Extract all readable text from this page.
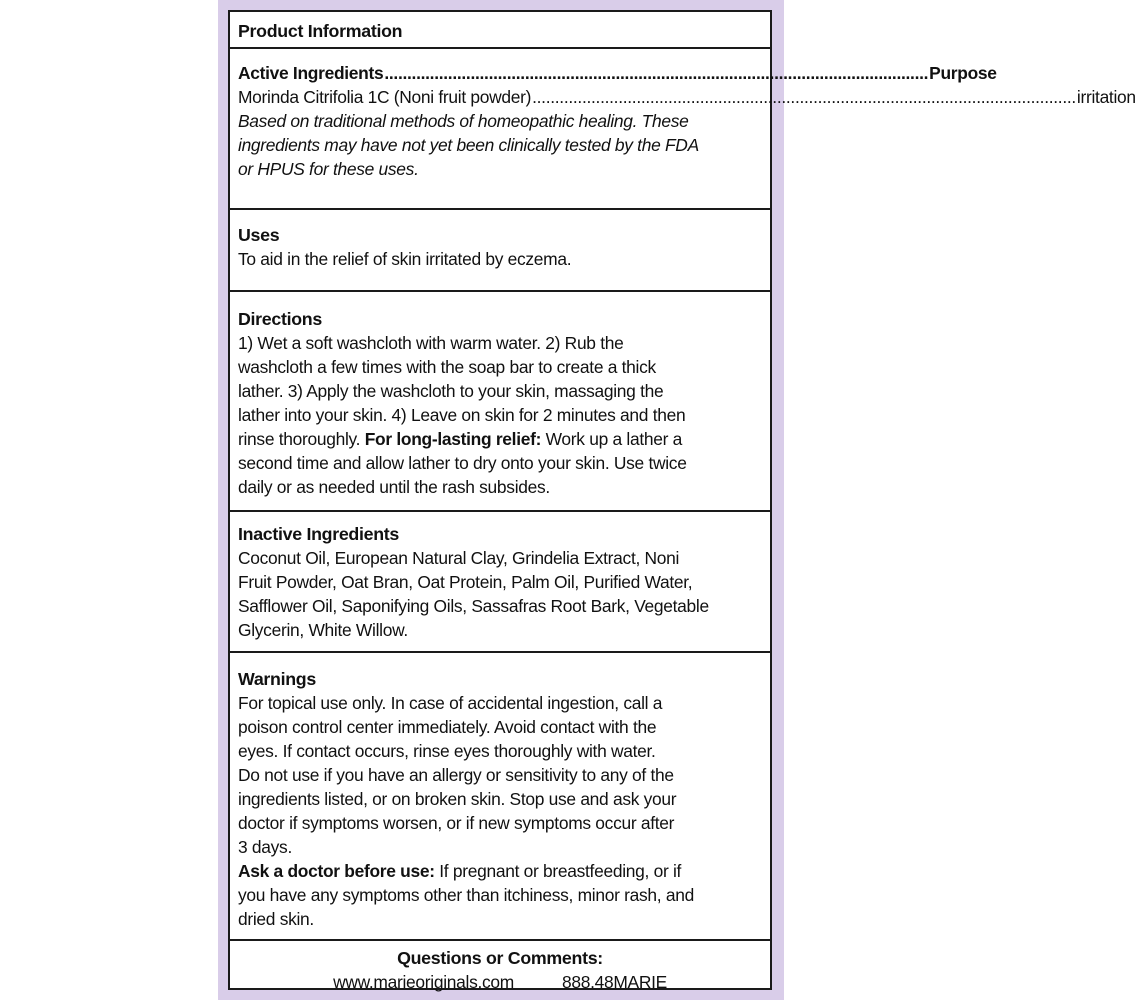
Product Information
Active Ingredients ........................................................................................................................ Purpose
Morinda Citrifolia 1C (Noni fruit powder) ........................................................................................................................ irritation
Based on traditional methods of homeopathic healing. These
ingredients may have not yet been clinically tested by the FDA
or HPUS for these uses.
Uses
To aid in the relief of skin irritated by eczema.
Directions
1) Wet a soft washcloth with warm water. 2) Rub the
washcloth a few times with the soap bar to create a thick
lather. 3) Apply the washcloth to your skin, massaging the
lather into your skin. 4) Leave on skin for 2 minutes and then
rinse thoroughly. For long-lasting relief: Work up a lather a
second time and allow lather to dry onto your skin. Use twice
daily or as needed until the rash subsides.
Inactive Ingredients
Coconut Oil, European Natural Clay, Grindelia Extract, Noni
Fruit Powder, Oat Bran, Oat Protein, Palm Oil, Purified Water,
Safflower Oil, Saponifying Oils, Sassafras Root Bark, Vegetable
Glycerin, White Willow.
Warnings
For topical use only. In case of accidental ingestion, call a
poison control center immediately. Avoid contact with the
eyes. If contact occurs, rinse eyes thoroughly with water.
Do not use if you have an allergy or sensitivity to any of the
ingredients listed, or on broken skin. Stop use and ask your
doctor if symptoms worsen, or if new symptoms occur after
3 days.
Ask a doctor before use: If pregnant or breastfeeding, or if
you have any symptoms other than itchiness, minor rash, and
dried skin.
Questions or Comments:
www.marieoriginals.com	888.48MARIE
